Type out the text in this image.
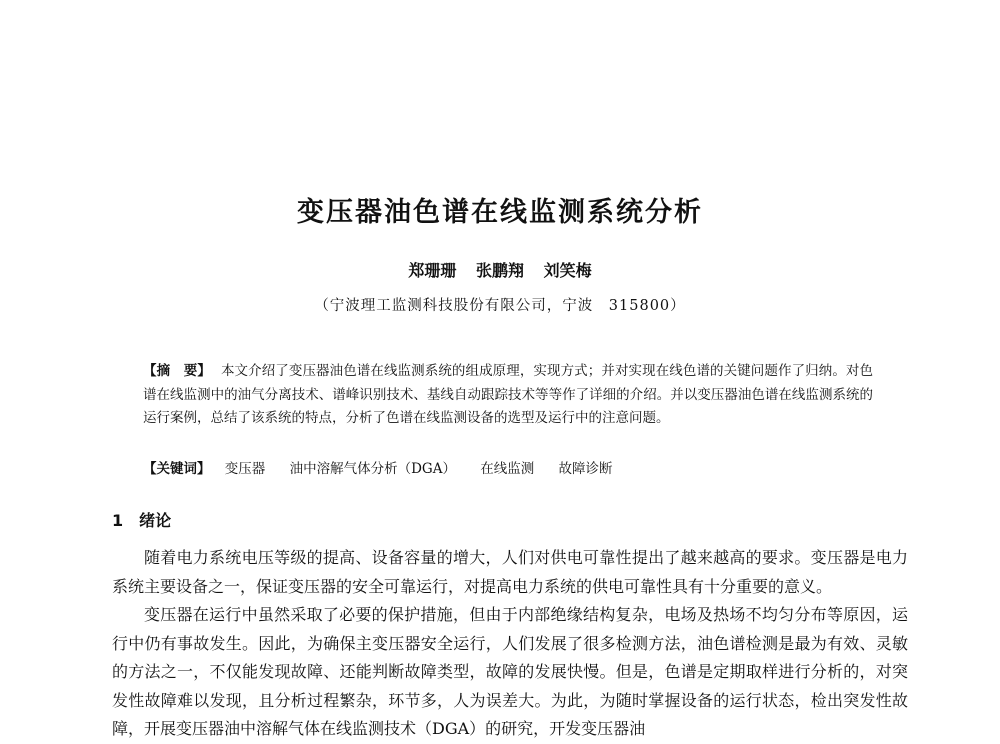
变压器油色谱在线监测系统分析
郑珊珊 张鹏翔 刘笑梅
（宁波理工监测科技股份有限公司，宁波　315800）
【摘　要】 本文介绍了变压器油色谱在线监测系统的组成原理，实现方式；并对实现在线色谱的关键问题作了归纳。对色谱在线监测中的油气分离技术、谱峰识别技术、基线自动跟踪技术等等作了详细的介绍。并以变压器油色谱在线监测系统的运行案例，总结了该系统的特点，分析了色谱在线监测设备的选型及运行中的注意问题。
【关键词】 变压器 油中溶解气体分析（DGA） 在线监测 故障诊断
1 绪论

随着电力系统电压等级的提高、设备容量的增大，人们对供电可靠性提出了越来越高的要求。变压器是电力系统主要设备之一，保证变压器的安全可靠运行，对提高电力系统的供电可靠性具有十分重要的意义。

变压器在运行中虽然采取了必要的保护措施，但由于内部绝缘结构复杂，电场及热场不均匀分布等原因，运行中仍有事故发生。因此，为确保主变压器安全运行，人们发展了很多检测方法，油色谱检测是最为有效、灵敏的方法之一，不仅能发现故障、还能判断故障类型，故障的发展快慢。但是，色谱是定期取样进行分析的，对突发性故障难以发现，且分析过程繁杂，环节多，人为误差大。为此，为随时掌握设备的运行状态，检出突发性故障，开展变压器油中溶解气体在线监测技术（DGA）的研究，开发变压器油
